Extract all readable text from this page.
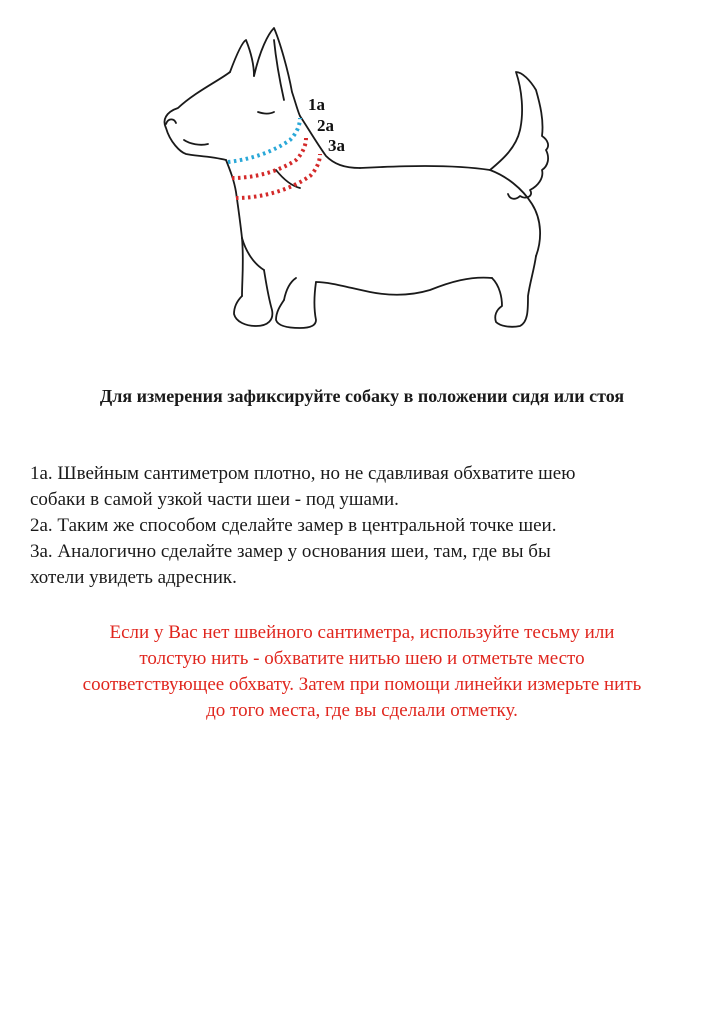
1a
2a
3a
Для измерения зафиксируйте собаку в положении сидя или стоя

1а. Швейным сантиметром плотно, но не сдавливая обхватите шею

собаки в самой узкой части шеи - под ушами.

2а. Таким же способом сделайте замер в центральной точке шеи.

3а. Аналогично сделайте замер у основания шеи, там, где вы бы

хотели увидеть адресник.

Если у Вас нет швейного сантиметра, используйте тесьму или
толстую нить - обхватите нитью шею и отметьте место
соответствующее обхвату. Затем при помощи линейки измерьте нить
до того места, где вы сделали отметку.
